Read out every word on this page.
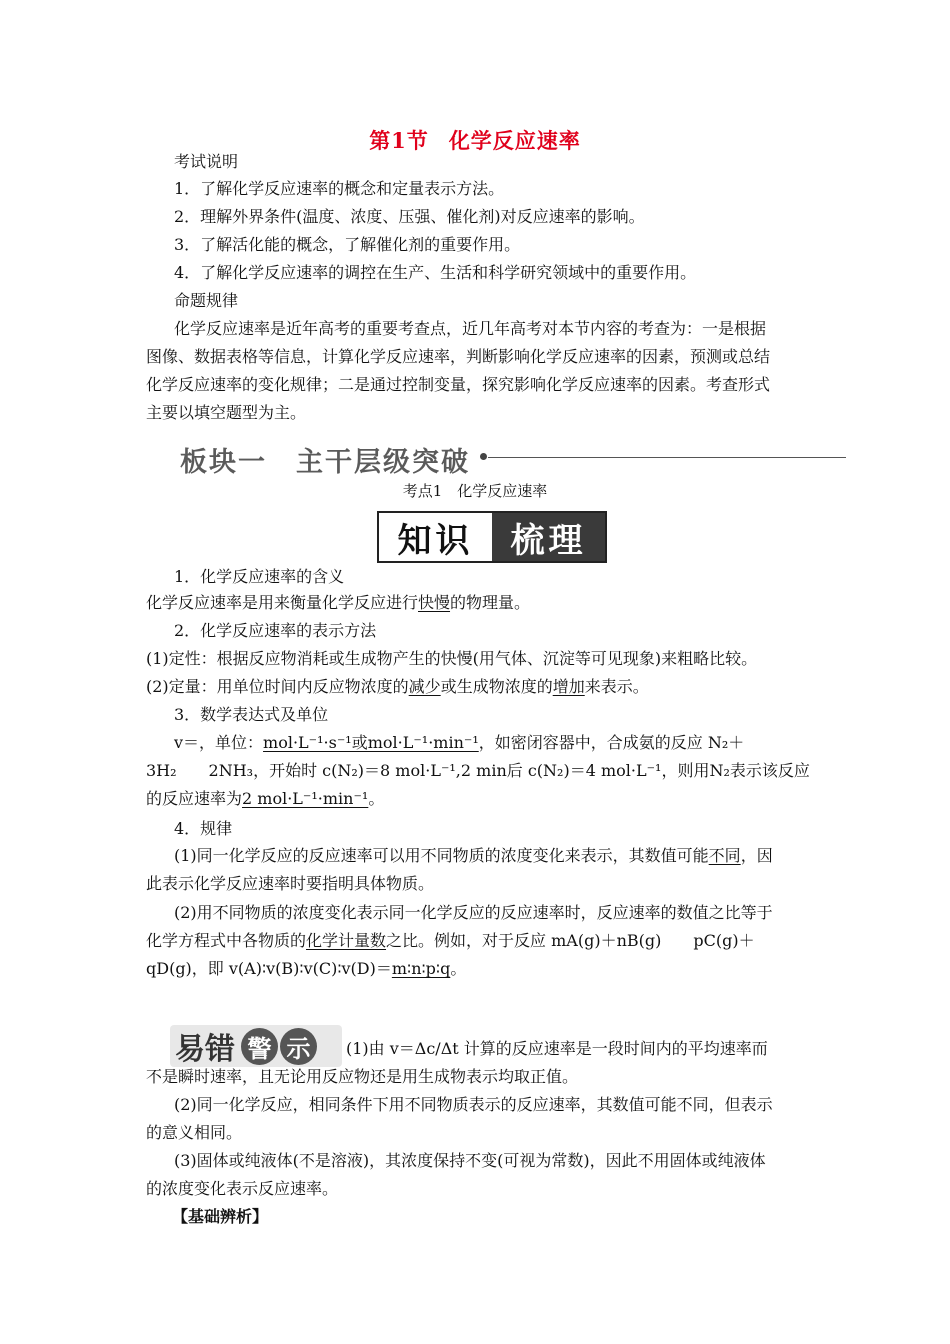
第1节 化学反应速率
考试说明
1．了解化学反应速率的概念和定量表示方法。
2．理解外界条件(温度、浓度、压强、催化剂)对反应速率的影响。
3．了解活化能的概念，了解催化剂的重要作用。
4．了解化学反应速率的调控在生产、生活和科学研究领域中的重要作用。
命题规律
化学反应速率是近年高考的重要考查点，近几年高考对本节内容的考查为：一是根据
图像、数据表格等信息，计算化学反应速率，判断影响化学反应速率的因素，预测或总结
化学反应速率的变化规律；二是通过控制变量，探究影响化学反应速率的因素。考查形式
主要以填空题型为主。
板块一　主干层级突破
考点1　化学反应速率
知识	梳理
1．化学反应速率的含义
化学反应速率是用来衡量化学反应进行快慢的物理量。
2．化学反应速率的表示方法
(1)定性：根据反应物消耗或生成物产生的快慢(用气体、沉淀等可见现象)来粗略比较。
(2)定量：用单位时间内反应物浓度的减少或生成物浓度的增加来表示。
3．数学表达式及单位
v＝，单位：mol·L⁻¹·s⁻¹或mol·L⁻¹·min⁻¹，如密闭容器中，合成氨的反应 N₂＋
3H₂　　2NH₃，开始时 c(N₂)＝8 mol·L⁻¹,2 min后 c(N₂)＝4 mol·L⁻¹，则用N₂表示该反应
的反应速率为2 mol·L⁻¹·min⁻¹。
4．规律
(1)同一化学反应的反应速率可以用不同物质的浓度变化来表示，其数值可能不同，因
此表示化学反应速率时要指明具体物质。
(2)用不同物质的浓度变化表示同一化学反应的反应速率时，反应速率的数值之比等于
化学方程式中各物质的化学计量数之比。例如，对于反应 mA(g)＋nB(g)　　pC(g)＋
qD(g)，即 v(A)∶v(B)∶v(C)∶v(D)＝m∶n∶p∶q。
易错 警 示	(1)由 v＝Δc/Δt 计算的反应速率是一段时间内的平均速率而
不是瞬时速率，且无论用反应物还是用生成物表示均取正值。
(2)同一化学反应，相同条件下用不同物质表示的反应速率，其数值可能不同，但表示
的意义相同。
(3)固体或纯液体(不是溶液)，其浓度保持不变(可视为常数)，因此不用固体或纯液体
的浓度变化表示反应速率。
【基础辨析】
